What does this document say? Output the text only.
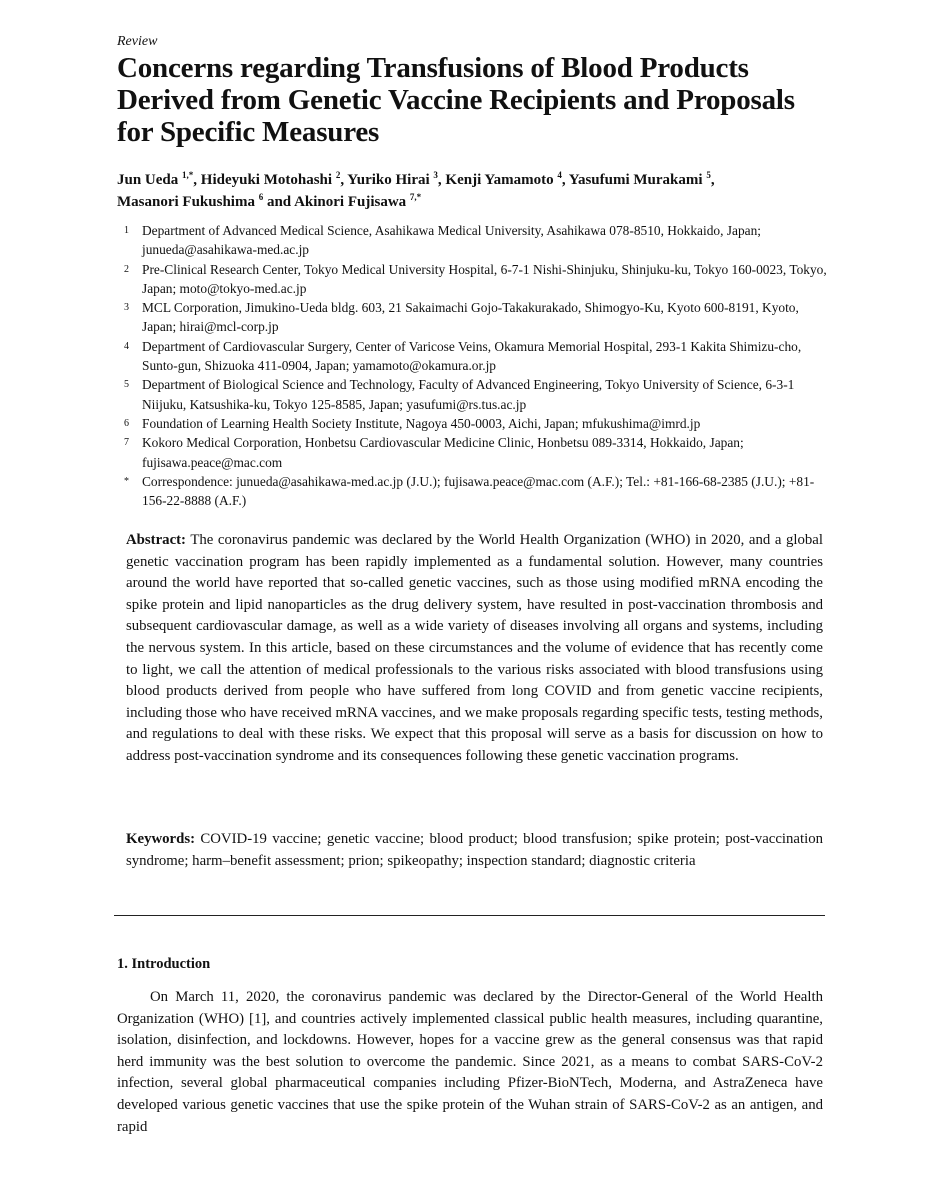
Review
Concerns regarding Transfusions of Blood Products Derived from Genetic Vaccine Recipients and Proposals for Specific Measures
Jun Ueda $^{1,*}$, Hideyuki Motohashi $^2$, Yuriko Hirai $^3$, Kenji Yamamoto $^4$, Yasufumi Murakami $^5$,
Masanori Fukushima $^6$ and Akinori Fujisawa $^{7,*}$
1 Department of Advanced Medical Science, Asahikawa Medical University, Asahikawa 078-8510, Hokkaido, Japan; junueda@asahikawa-med.ac.jp
2 Pre-Clinical Research Center, Tokyo Medical University Hospital, 6-7-1 Nishi-Shinjuku, Shinjuku-ku, Tokyo 160-0023, Tokyo, Japan; moto@tokyo-med.ac.jp
3 MCL Corporation, Jimukino-Ueda bldg. 603, 21 Sakaimachi Gojo-Takakurakado, Shimogyo-Ku, Kyoto 600-8191, Kyoto, Japan; hirai@mcl-corp.jp
4 Department of Cardiovascular Surgery, Center of Varicose Veins, Okamura Memorial Hospital, 293-1 Kakita Shimizu-cho, Sunto-gun, Shizuoka 411-0904, Japan; yamamoto@okamura.or.jp
5 Department of Biological Science and Technology, Faculty of Advanced Engineering, Tokyo University of Science, 6-3-1 Niijuku, Katsushika-ku, Tokyo 125-8585, Japan; yasufumi@rs.tus.ac.jp
6 Foundation of Learning Health Society Institute, Nagoya 450-0003, Aichi, Japan; mfukushima@imrd.jp
7 Kokoro Medical Corporation, Honbetsu Cardiovascular Medicine Clinic, Honbetsu 089-3314, Hokkaido, Japan; fujisawa.peace@mac.com
* Correspondence: junueda@asahikawa-med.ac.jp (J.U.); fujisawa.peace@mac.com (A.F.); Tel.: +81-166-68-2385 (J.U.); +81-156-22-8888 (A.F.)

Abstract: The coronavirus pandemic was declared by the World Health Organization (WHO) in 2020, and a global genetic vaccination program has been rapidly implemented as a fundamental solution. However, many countries around the world have reported that so-called genetic vaccines, such as those using modified mRNA encoding the spike protein and lipid nanoparticles as the drug delivery system, have resulted in post-vaccination thrombosis and subsequent cardiovascular damage, as well as a wide variety of diseases involving all organs and systems, including the nervous system. In this article, based on these circumstances and the volume of evidence that has recently come to light, we call the attention of medical professionals to the various risks associated with blood transfusions using blood products derived from people who have suffered from long COVID and from genetic vaccine recipients, including those who have received mRNA vaccines, and we make proposals regarding specific tests, testing methods, and regulations to deal with these risks. We expect that this proposal will serve as a basis for discussion on how to address post-vaccination syndrome and its consequences following these genetic vaccination programs.

Keywords: COVID-19 vaccine; genetic vaccine; blood product; blood transfusion; spike protein; post-vaccination syndrome; harm–benefit assessment; prion; spikeopathy; inspection standard; diagnostic criteria

1. Introduction

On March 11, 2020, the coronavirus pandemic was declared by the Director-General of the World Health Organization (WHO) [1], and countries actively implemented classical public health measures, including quarantine, isolation, disinfection, and lockdowns. However, hopes for a vaccine grew as the general consensus was that rapid herd immunity was the best solution to overcome the pandemic. Since 2021, as a means to combat SARS-CoV-2 infection, several global pharmaceutical companies including Pfizer-BioNTech, Moderna, and AstraZeneca have developed various genetic vaccines that use the spike protein of the Wuhan strain of SARS-CoV-2 as an antigen, and rapid
